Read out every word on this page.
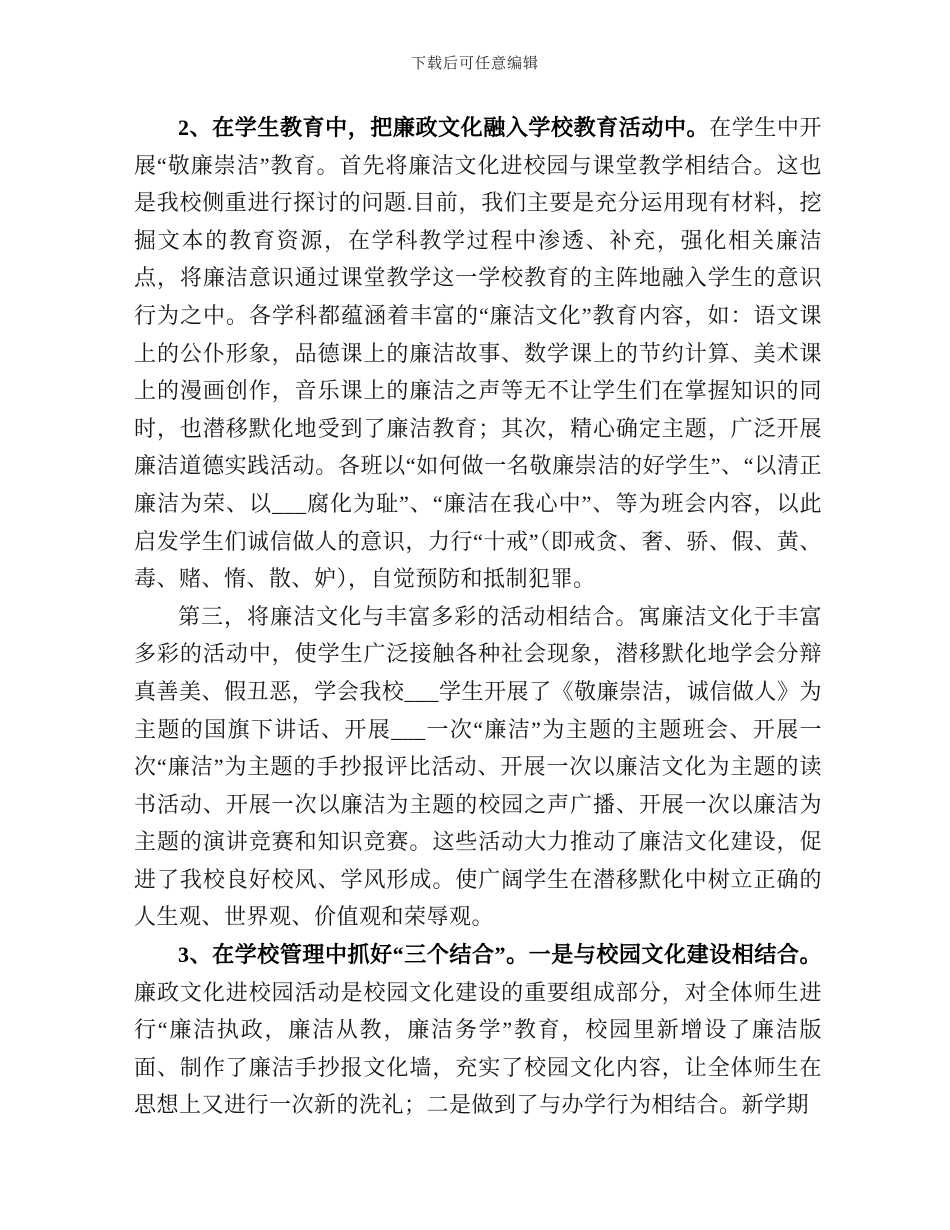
下载后可任意编辑

2、在学生教育中，把廉政文化融入学校教育活动中。在学生中开展“敬廉崇洁”教育。首先将廉洁文化进校园与课堂教学相结合。这也是我校侧重进行探讨的问题.目前，我们主要是充分运用现有材料，挖掘文本的教育资源，在学科教学过程中渗透、补充，强化相关廉洁点，将廉洁意识通过课堂教学这一学校教育的主阵地融入学生的意识行为之中。各学科都蕴涵着丰富的“廉洁文化”教育内容，如：语文课上的公仆形象，品德课上的廉洁故事、数学课上的节约计算、美术课上的漫画创作，音乐课上的廉洁之声等无不让学生们在掌握知识的同时，也潜移默化地受到了廉洁教育；其次，精心确定主题，广泛开展廉洁道德实践活动。各班以“如何做一名敬廉崇洁的好学生”、“以清正廉洁为荣、以___腐化为耻”、“廉洁在我心中”、等为班会内容，以此启发学生们诚信做人的意识，力行“十戒”（即戒贪、奢、骄、假、黄、毒、赌、惰、散、妒），自觉预防和抵制犯罪。

第三，将廉洁文化与丰富多彩的活动相结合。寓廉洁文化于丰富多彩的活动中，使学生广泛接触各种社会现象，潜移默化地学会分辩真善美、假丑恶，学会我校___学生开展了《敬廉崇洁，诚信做人》为主题的国旗下讲话、开展___一次“廉洁”为主题的主题班会、开展一次“廉洁”为主题的手抄报评比活动、开展一次以廉洁文化为主题的读书活动、开展一次以廉洁为主题的校园之声广播、开展一次以廉洁为主题的演讲竞赛和知识竞赛。这些活动大力推动了廉洁文化建设，促进了我校良好校风、学风形成。使广阔学生在潜移默化中树立正确的人生观、世界观、价值观和荣辱观。

3、在学校管理中抓好“三个结合”。一是与校园文化建设相结合。廉政文化进校园活动是校园文化建设的重要组成部分，对全体师生进行“廉洁执政，廉洁从教，廉洁务学”教育，校园里新增设了廉洁版面、制作了廉洁手抄报文化墙，充实了校园文化内容，让全体师生在思想上又进行一次新的洗礼；二是做到了与办学行为相结合。新学期
